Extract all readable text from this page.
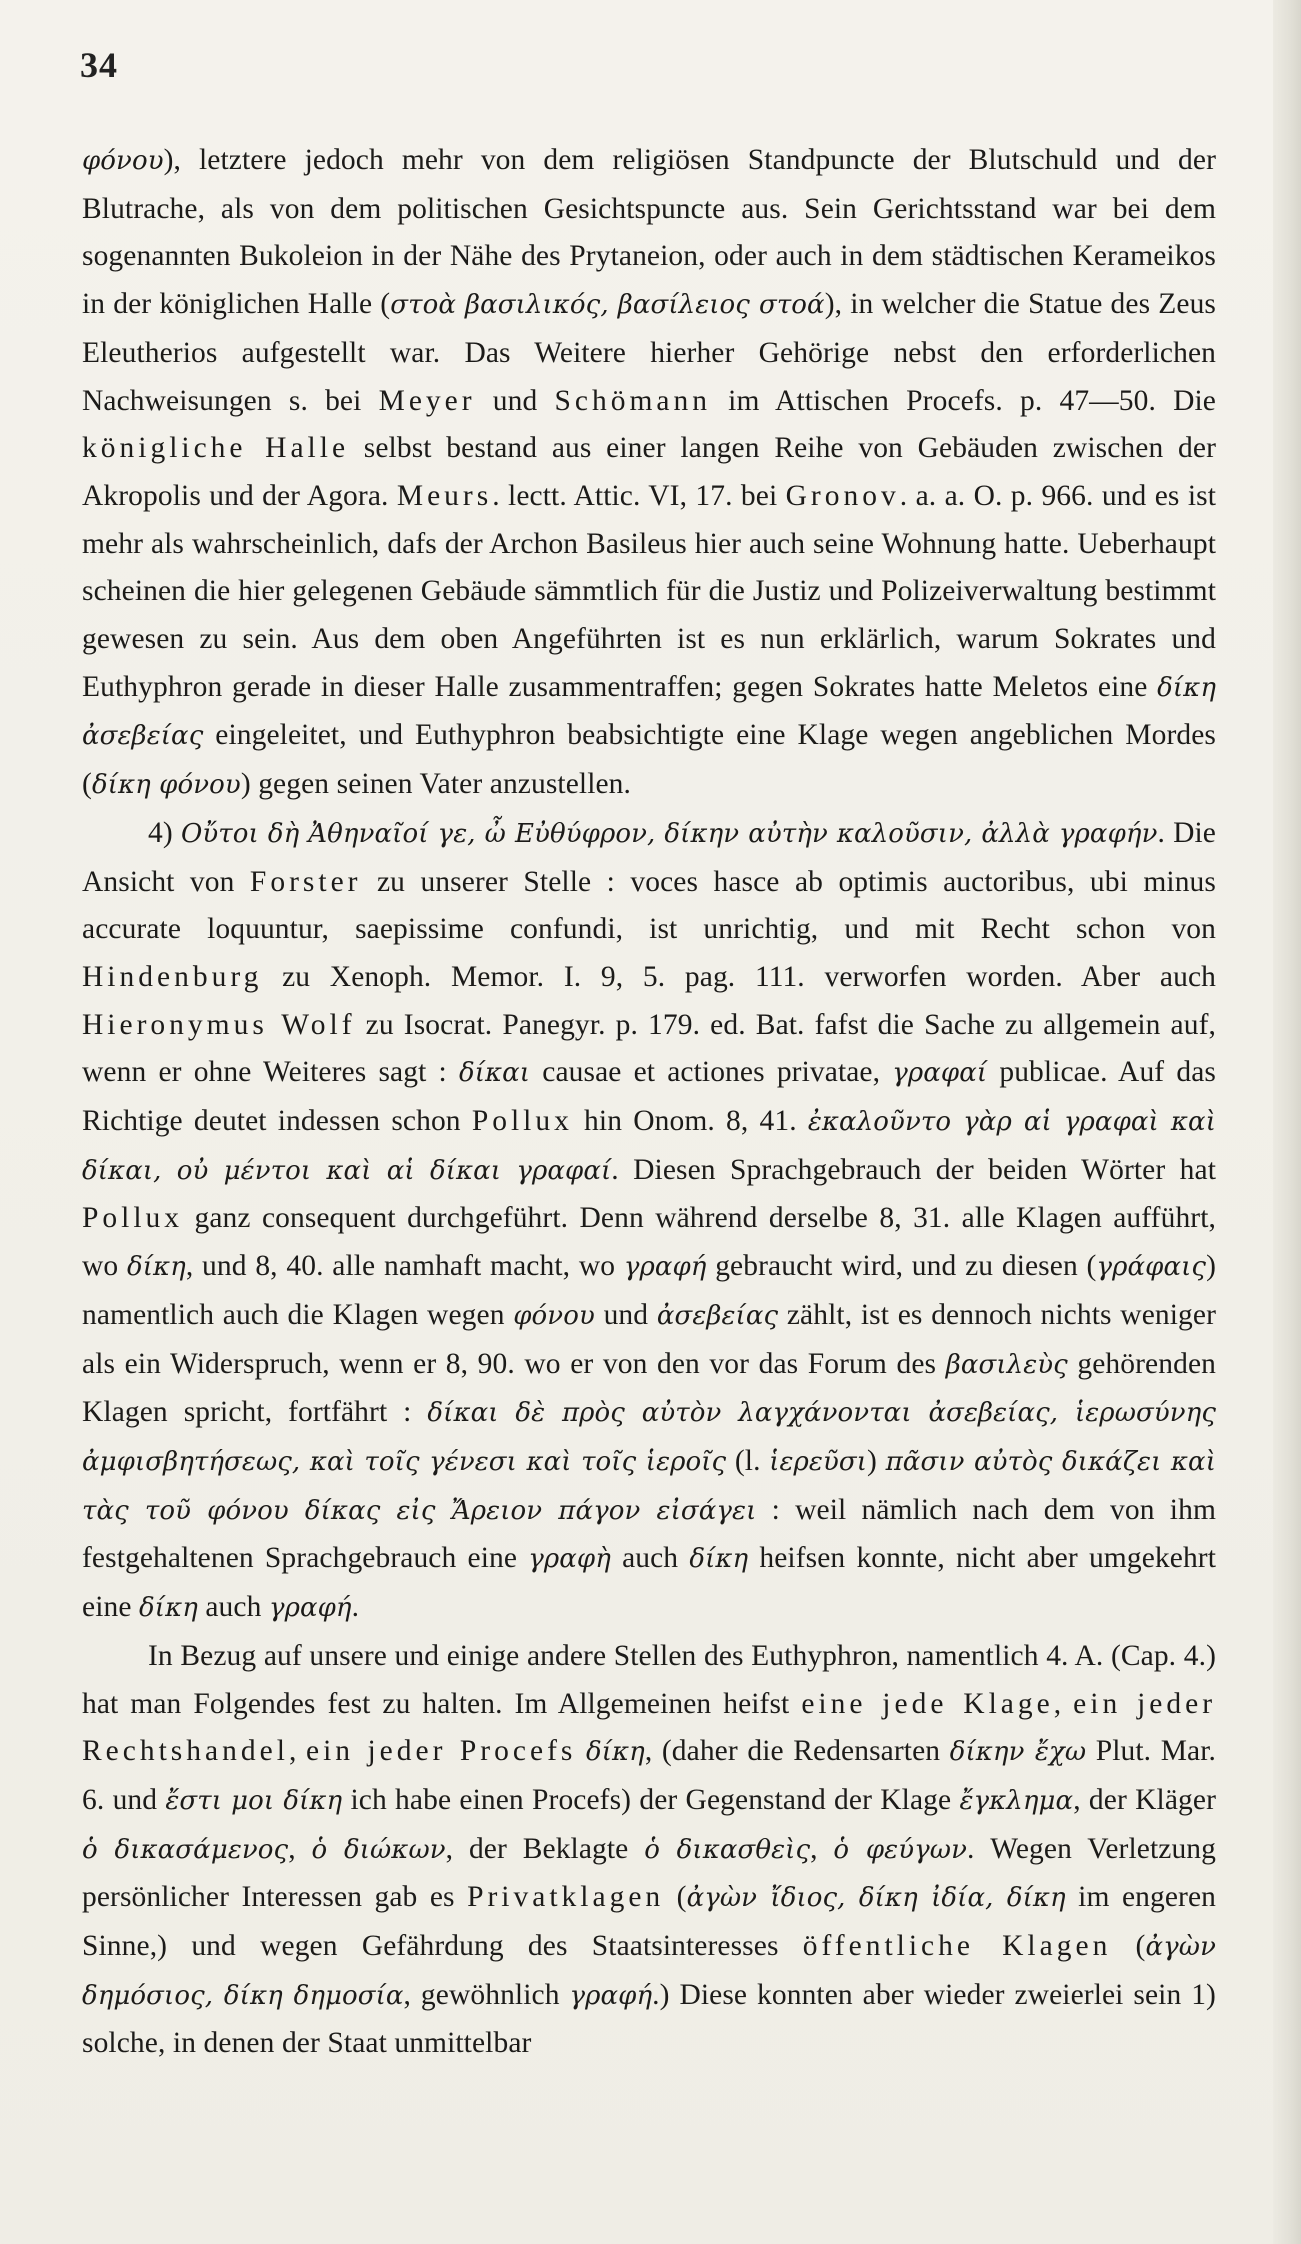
34

φόνου), letztere jedoch mehr von dem religiösen Standpuncte der Blutschuld und der Blutrache, als von dem politischen Gesichtspuncte aus. Sein Gerichtsstand war bei dem sogenannten Bukoleion in der Nähe des Prytaneion, oder auch in dem städtischen Kerameikos in der königlichen Halle (στοὰ βασιλικός, βασίλειος στοά), in welcher die Statue des Zeus Eleutherios aufgestellt war. Das Weitere hierher Gehörige nebst den erforderlichen Nachweisungen s. bei Meyer und Schömann im Attischen Procefs. p. 47—50. Die königliche Halle selbst bestand aus einer langen Reihe von Gebäuden zwischen der Akropolis und der Agora. Meurs. lectt. Attic. VI, 17. bei Gronov. a. a. O. p. 966. und es ist mehr als wahrscheinlich, dafs der Archon Basileus hier auch seine Wohnung hatte. Ueberhaupt scheinen die hier gelegenen Gebäude sämmtlich für die Justiz und Polizeiverwaltung bestimmt gewesen zu sein. Aus dem oben Angeführten ist es nun erklärlich, warum Sokrates und Euthyphron gerade in dieser Halle zusammentraffen; gegen Sokrates hatte Meletos eine δίκη ἀσεβείας eingeleitet, und Euthyphron beabsichtigte eine Klage wegen angeblichen Mordes (δίκη φόνου) gegen seinen Vater anzustellen.

4) Οὔτοι δὴ Ἀθηναῖοί γε, ὦ Εὐθύφρον, δίκην αὐτὴν καλοῦσιν, ἀλλὰ γραφήν. Die Ansicht von Forster zu unserer Stelle : voces hasce ab optimis auctoribus, ubi minus accurate loquuntur, saepissime confundi, ist unrichtig, und mit Recht schon von Hindenburg zu Xenoph. Memor. I. 9, 5. pag. 111. verworfen worden. Aber auch Hieronymus Wolf zu Isocrat. Panegyr. p. 179. ed. Bat. fafst die Sache zu allgemein auf, wenn er ohne Weiteres sagt : δίκαι causae et actiones privatae, γραφαί publicae. Auf das Richtige deutet indessen schon Pollux hin Onom. 8, 41. ἐκαλοῦντο γὰρ αἱ γραφαὶ καὶ δίκαι, οὐ μέντοι καὶ αἱ δίκαι γραφαί. Diesen Sprachgebrauch der beiden Wörter hat Pollux ganz consequent durchgeführt. Denn während derselbe 8, 31. alle Klagen aufführt, wo δίκη, und 8, 40. alle namhaft macht, wo γραφή gebraucht wird, und zu diesen (γράφαις) namentlich auch die Klagen wegen φόνου und ἀσεβείας zählt, ist es dennoch nichts weniger als ein Widerspruch, wenn er 8, 90. wo er von den vor das Forum des βασιλεὺς gehörenden Klagen spricht, fortfährt : δίκαι δὲ πρὸς αὐτὸν λαγχάνονται ἀσεβείας, ἱερωσύνης ἀμφισβητήσεως, καὶ τοῖς γένεσι καὶ τοῖς ἱεροῖς (l. ἱερεῦσι) πᾶσιν αὐτὸς δικάζει καὶ τὰς τοῦ φόνου δίκας εἰς Ἄρειον πάγον εἰσάγει : weil nämlich nach dem von ihm festgehaltenen Sprachgebrauch eine γραφὴ auch δίκη heifsen konnte, nicht aber umgekehrt eine δίκη auch γραφή.

In Bezug auf unsere und einige andere Stellen des Euthyphron, namentlich 4. A. (Cap. 4.) hat man Folgendes fest zu halten. Im Allgemeinen heifst eine jede Klage, ein jeder Rechtshandel, ein jeder Procefs δίκη, (daher die Redensarten δίκην ἔχω Plut. Mar. 6. und ἔστι μοι δίκη ich habe einen Procefs) der Gegenstand der Klage ἔγκλημα, der Kläger ὁ δικασάμενος, ὁ διώκων, der Beklagte ὁ δικασθεὶς, ὁ φεύγων. Wegen Verletzung persönlicher Interessen gab es Privatklagen (ἀγὼν ἴδιος, δίκη ἰδία, δίκη im engeren Sinne,) und wegen Gefährdung des Staatsinteresses öffentliche Klagen (ἀγὼν δημόσιος, δίκη δημοσία, gewöhnlich γραφή.) Diese konnten aber wieder zweierlei sein 1) solche, in denen der Staat unmittelbar
